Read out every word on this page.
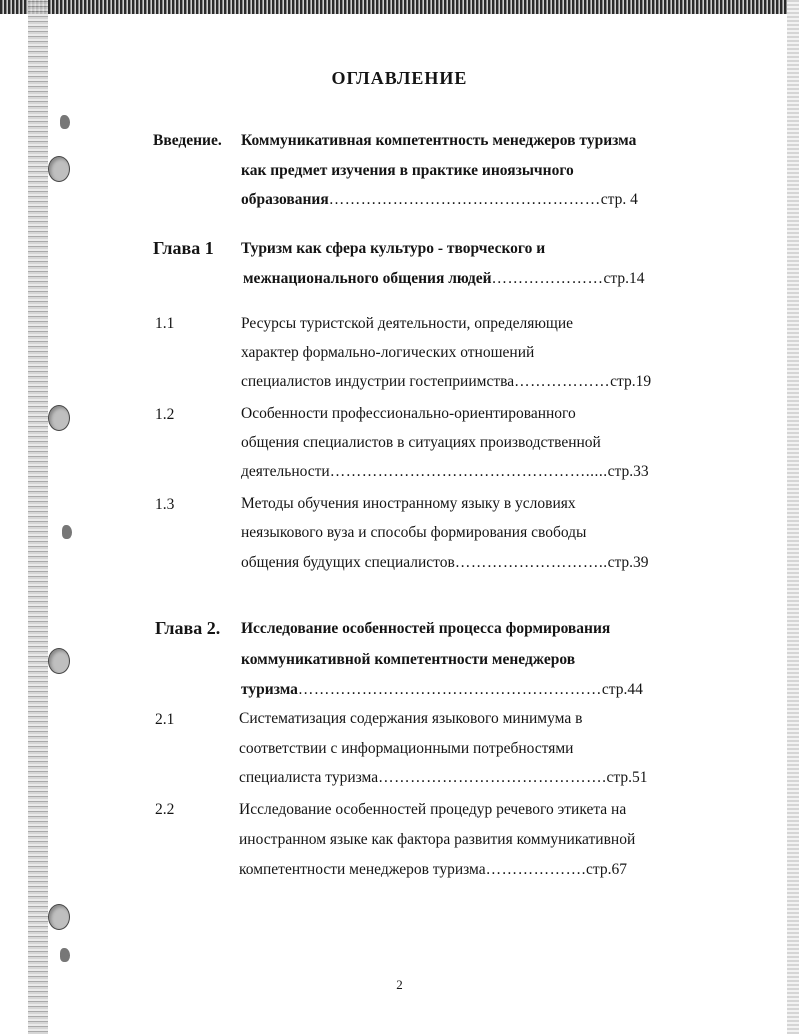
ОГЛАВЛЕНИЕ
Введение. Коммуникативная компетентность менеджеров туризма
как предмет изучения в практике иноязычного
образования……………………………………………стр. 4
Глава 1 Туризм как сфера культуро - творческого и
межнационального общения людей…………………стр.14
1.1	Ресурсы туристской деятельности, определяющие
характер формально-логических отношений
специалистов индустрии гостеприимства………………стр.19
1.2	Особенности профессионально-ориентированного
общения специалистов в ситуациях производственной
деятельности………………………………………….....стр.33
1.3	Методы обучения иностранному языку в условиях
неязыкового вуза и способы формирования свободы
общения будущих специалистов………………………..стр.39
Глава 2. Исследование особенностей процесса формирования
коммуникативной компетентности менеджеров
туризма…………………………………………………стр.44
2.1	Систематизация содержания языкового минимума в
соответствии с информационными потребностями
специалиста туризма…………………………………….стр.51
2.2	Исследование особенностей процедур речевого этикета на
иностранном языке как фактора развития коммуникативной
компетентности менеджеров туризма……………….стр.67
2
